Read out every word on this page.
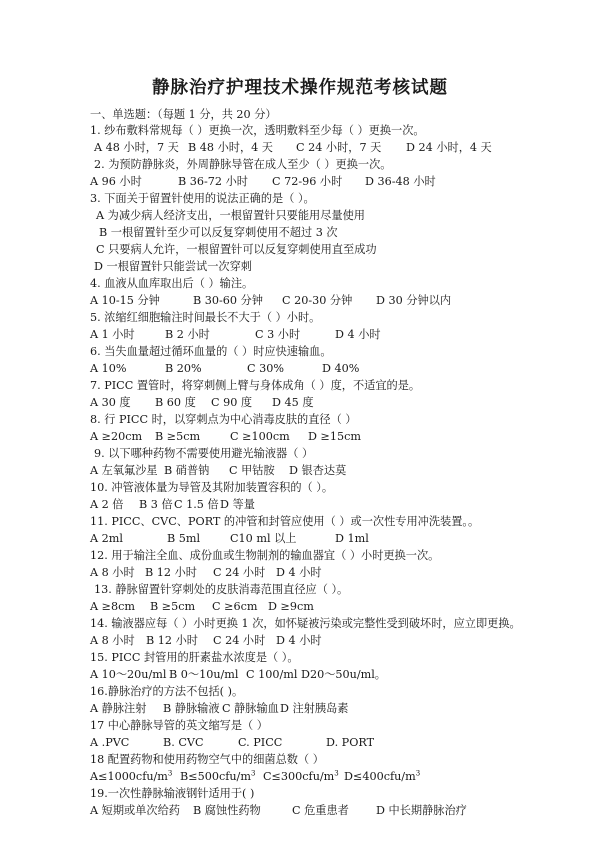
静脉治疗护理技术操作规范考核试题
一、单选题：（每题 1 分，共 20 分）
1. 纱布敷料常规每（ ）更换一次，透明敷料至少每（ ）更换一次。
A 48 小时，7 天 B 48 小时，4 天 C 24 小时，7 天 D 24 小时，4 天
2. 为预防静脉炎，外周静脉导管在成人至少（ ）更换一次。
A 96 小时	B 36-72 小时 C 72-96 小时 D 36-48 小时
3. 下面关于留置针使用的说法正确的是（ ）。
A 为减少病人经济支出，一根留置针只要能用尽量使用
B 一根留置针至少可以反复穿刺使用不超过 3 次
C 只要病人允许，一根留置针可以反复穿刺使用直至成功
D 一根留置针只能尝试一次穿刺
4. 血液从血库取出后（ ）输注。
A 10-15 分钟	B 30-60 分钟 C 20-30 分钟 D 30 分钟以内
5. 浓缩红细胞输注时间最长不大于（ ）小时。
A 1 小时	B 2 小时	C 3 小时	D 4 小时
6. 当失血量超过循环血量的（ ）时应快速输血。
A 10%	B 20%	C 30%	D 40%
7. PICC 置管时，将穿刺侧上臂与身体成角（ ）度，不适宜的是。
A 30 度 B 60 度 C 90 度 D 45 度
8. 行 PICC 时，以穿刺点为中心消毒皮肤的直径（ ）
A ≥20cm B ≥5cm	C ≥100cm D ≥15cm
9. 以下哪种药物不需要使用避光输液器（ ）
A 左氧氟沙星 B 硝普钠 C 甲钴胺 D 银杏达莫
10. 冲管液体量为导管及其附加装置容积的（ ）。
A 2 倍 B 3 倍 C 1.5 倍 D 等量
11. PICC、CVC、PORT 的冲管和封管应使用（ ）或一次性专用冲洗装置。。
A 2ml	B 5ml	C10 ml 以上	D 1ml
12. 用于输注全血、成份血或生物制剂的输血器宜（ ）小时更换一次。
A 8 小时 B 12 小时 C 24 小时 D 4 小时
13. 静脉留置针穿刺处的皮肤消毒范围直径应（ ）。
A ≥8cm B ≥5cm C ≥6cm D ≥9cm
14. 输液器应每（ ）小时更换 1 次，如怀疑被污染或完整性受到破坏时，应立即更换。
A 8 小时 B 12 小时 C 24 小时 D 4 小时
15. PICC 封管用的肝素盐水浓度是（ ）。
A 10～20u/ml B 0～10u/ml C 100/ml D20～50u/ml。
16.静脉治疗的方法不包括( )。
A 静脉注射 B 静脉输液 C 静脉输血 D 注射胰岛素
17 中心静脉导管的英文缩写是（ ）
A .PVC	B. CVC	C. PICC	D. PORT
18 配置药物和使用药物空气中的细菌总数（ ）
$A\le 1000cfu/m^3$ $B\le 500cfu/m^3$ $C\le 300cfu/m^3$ $D\le 400cfu/m^3$
19.一次性静脉输液钢针适用于( )
A 短期或单次给药 B 腐蚀性药物	C 危重患者 D 中长期静脉治疗
